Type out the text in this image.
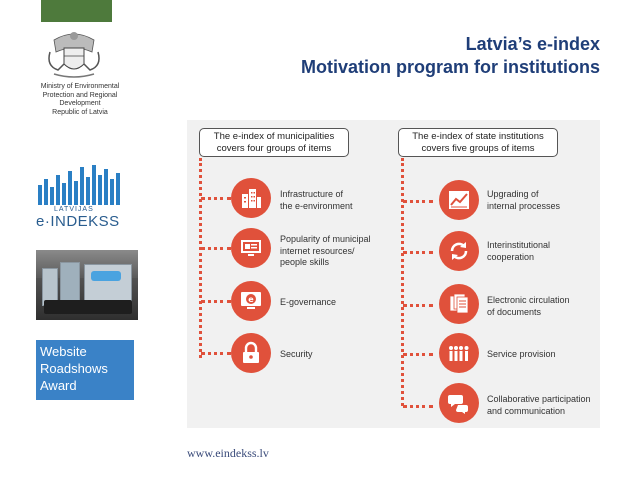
Ministry of Environmental
Protection and Regional
Development
Republic of Latvia
LATVIJAS
e·INDEKSS
Website
Roadshows
Award
Latvia’s e-index
Motivation program for institutions
The e-index of municipalities
covers four groups of items
The e-index of state institutions
covers five groups of items
Infrastructure of
the e-environment
Popularity of municipal
internet resources/
people skills
e	E-governance
Security
Upgrading of
internal processes
Interinstitutional
cooperation
Electronic circulation
of documents
Service provision
Collaborative participation
and communication
www.eindekss.lv
